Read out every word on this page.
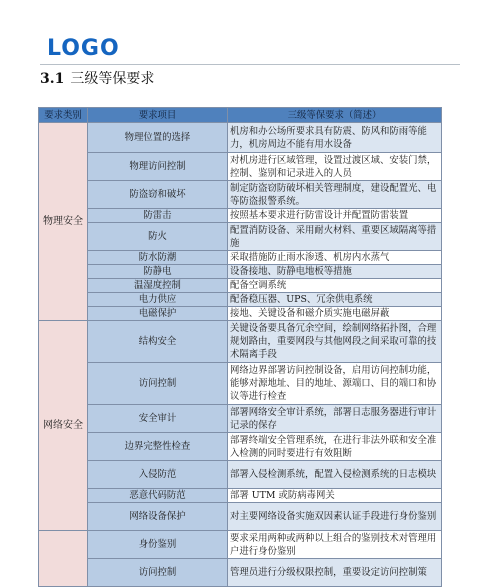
LOGO
3.1 三级等保要求
要求类别	要求项目	三级等保要求（简述）
物理安全	物理位置的选择	机房和办公场所要求具有防震、防风和防雨等能力，机房周边不能有用水设备
	物理访问控制	对机房进行区域管理，设置过渡区域、安装门禁，控制、鉴别和记录进入的人员
	防盗窃和破坏	制定防盗窃防破坏相关管理制度，建设配置光、电等防盗报警系统。
	防雷击	按照基本要求进行防雷设计并配置防雷装置
	防火	配置消防设备、采用耐火材料、重要区域隔离等措施
	防水防潮	采取措施防止雨水渗透、机房内水蒸气
	防静电	设备接地、防静电地板等措施
	温湿度控制	配备空调系统
	电力供应	配备稳压器、UPS、冗余供电系统
	电磁保护	接地、关键设备和磁介质实施电磁屏蔽
网络安全	结构安全	关键设备要具备冗余空间，绘制网络拓扑图，合理规划路由，重要网段与其他网段之间采取可靠的技术隔离手段
	访问控制	网络边界部署访问控制设备，启用访问控制功能，能够对源地址、目的地址、源端口、目的端口和协议等进行检查
	安全审计	部署网络安全审计系统，部署日志服务器进行审计记录的保存
	边界完整性检查	部署终端安全管理系统，在进行非法外联和安全准入检测的同时要进行有效阻断
	入侵防范	部署入侵检测系统，配置入侵检测系统的日志模块
	恶意代码防范	部署 UTM 或防病毒网关
	网络设备保护	对主要网络设备实施双因素认证手段进行身份鉴别
	身份鉴别	要求采用两种或两种以上组合的鉴别技术对管理用户进行身份鉴别
	访问控制	管理员进行分级权限控制，重要设定访问控制策
